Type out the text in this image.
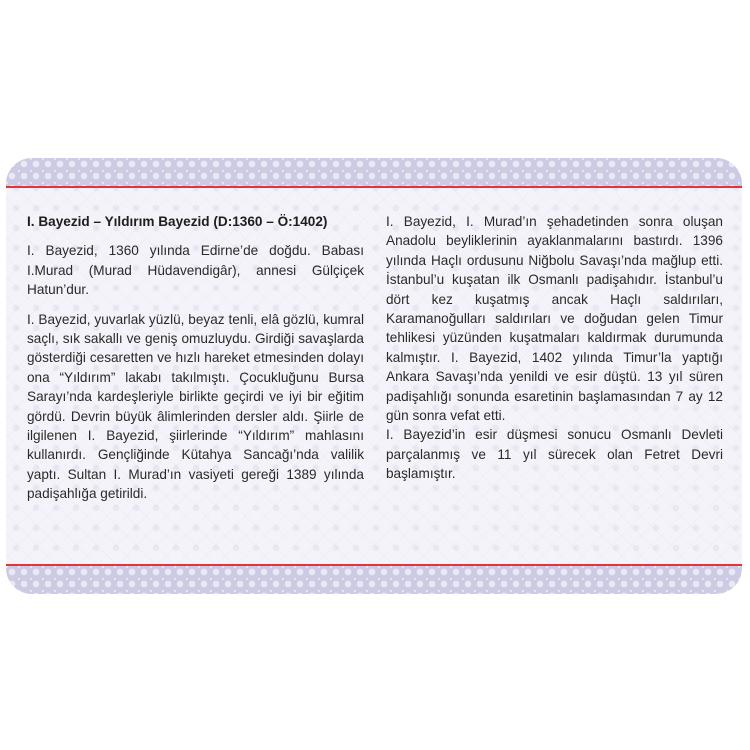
I. Bayezid – Yıldırım Bayezid (D:1360 – Ö:1402)

I. Bayezid, 1360 yılında Edirne’de doğdu. Babası I.Murad (Murad Hüdavendigâr), annesi Gülçiçek Hatun’dur.

I. Bayezid, yuvarlak yüzlü, beyaz tenli, elâ gözlü, kumral saçlı, sık sakallı ve geniş omuzluydu. Girdiği savaşlarda gösterdiği cesaretten ve hızlı hareket etmesinden dolayı ona “Yıldırım” lakabı takılmıştı. Çocukluğunu Bursa Sarayı’nda kardeşleriyle birlikte geçirdi ve iyi bir eğitim gördü. Devrin büyük âlimlerinden dersler aldı. Şiirle de ilgilenen I. Bayezid, şiirlerinde “Yıldırım” mahlasını kullanırdı. Gençliğinde Kütahya Sancağı’nda valilik yaptı. Sultan I. Murad’ın vasiyeti gereği 1389 yılında padişahlığa getirildi.

I. Bayezid, I. Murad’ın şehadetinden sonra oluşan Anadolu beyliklerinin ayaklanmalarını bastırdı. 1396 yılında Haçlı ordusunu Niğbolu Savaşı’nda mağlup etti. İstanbul’u kuşatan ilk Osmanlı padişahıdır. İstanbul’u dört kez kuşatmış ancak Haçlı saldırıları, Karamanoğulları saldırıları ve doğudan gelen Timur tehlikesi yüzünden kuşatmaları kaldırmak durumunda kalmıştır. I. Bayezid, 1402 yılında Timur’la yaptığı Ankara Savaşı’nda yenildi ve esir düştü. 13 yıl süren padişahlığı sonunda esaretinin başlamasından 7 ay 12 gün sonra vefat etti.

I. Bayezid’in esir düşmesi sonucu Osmanlı Devleti parçalanmış ve 11 yıl sürecek olan Fetret Devri başlamıştır.
